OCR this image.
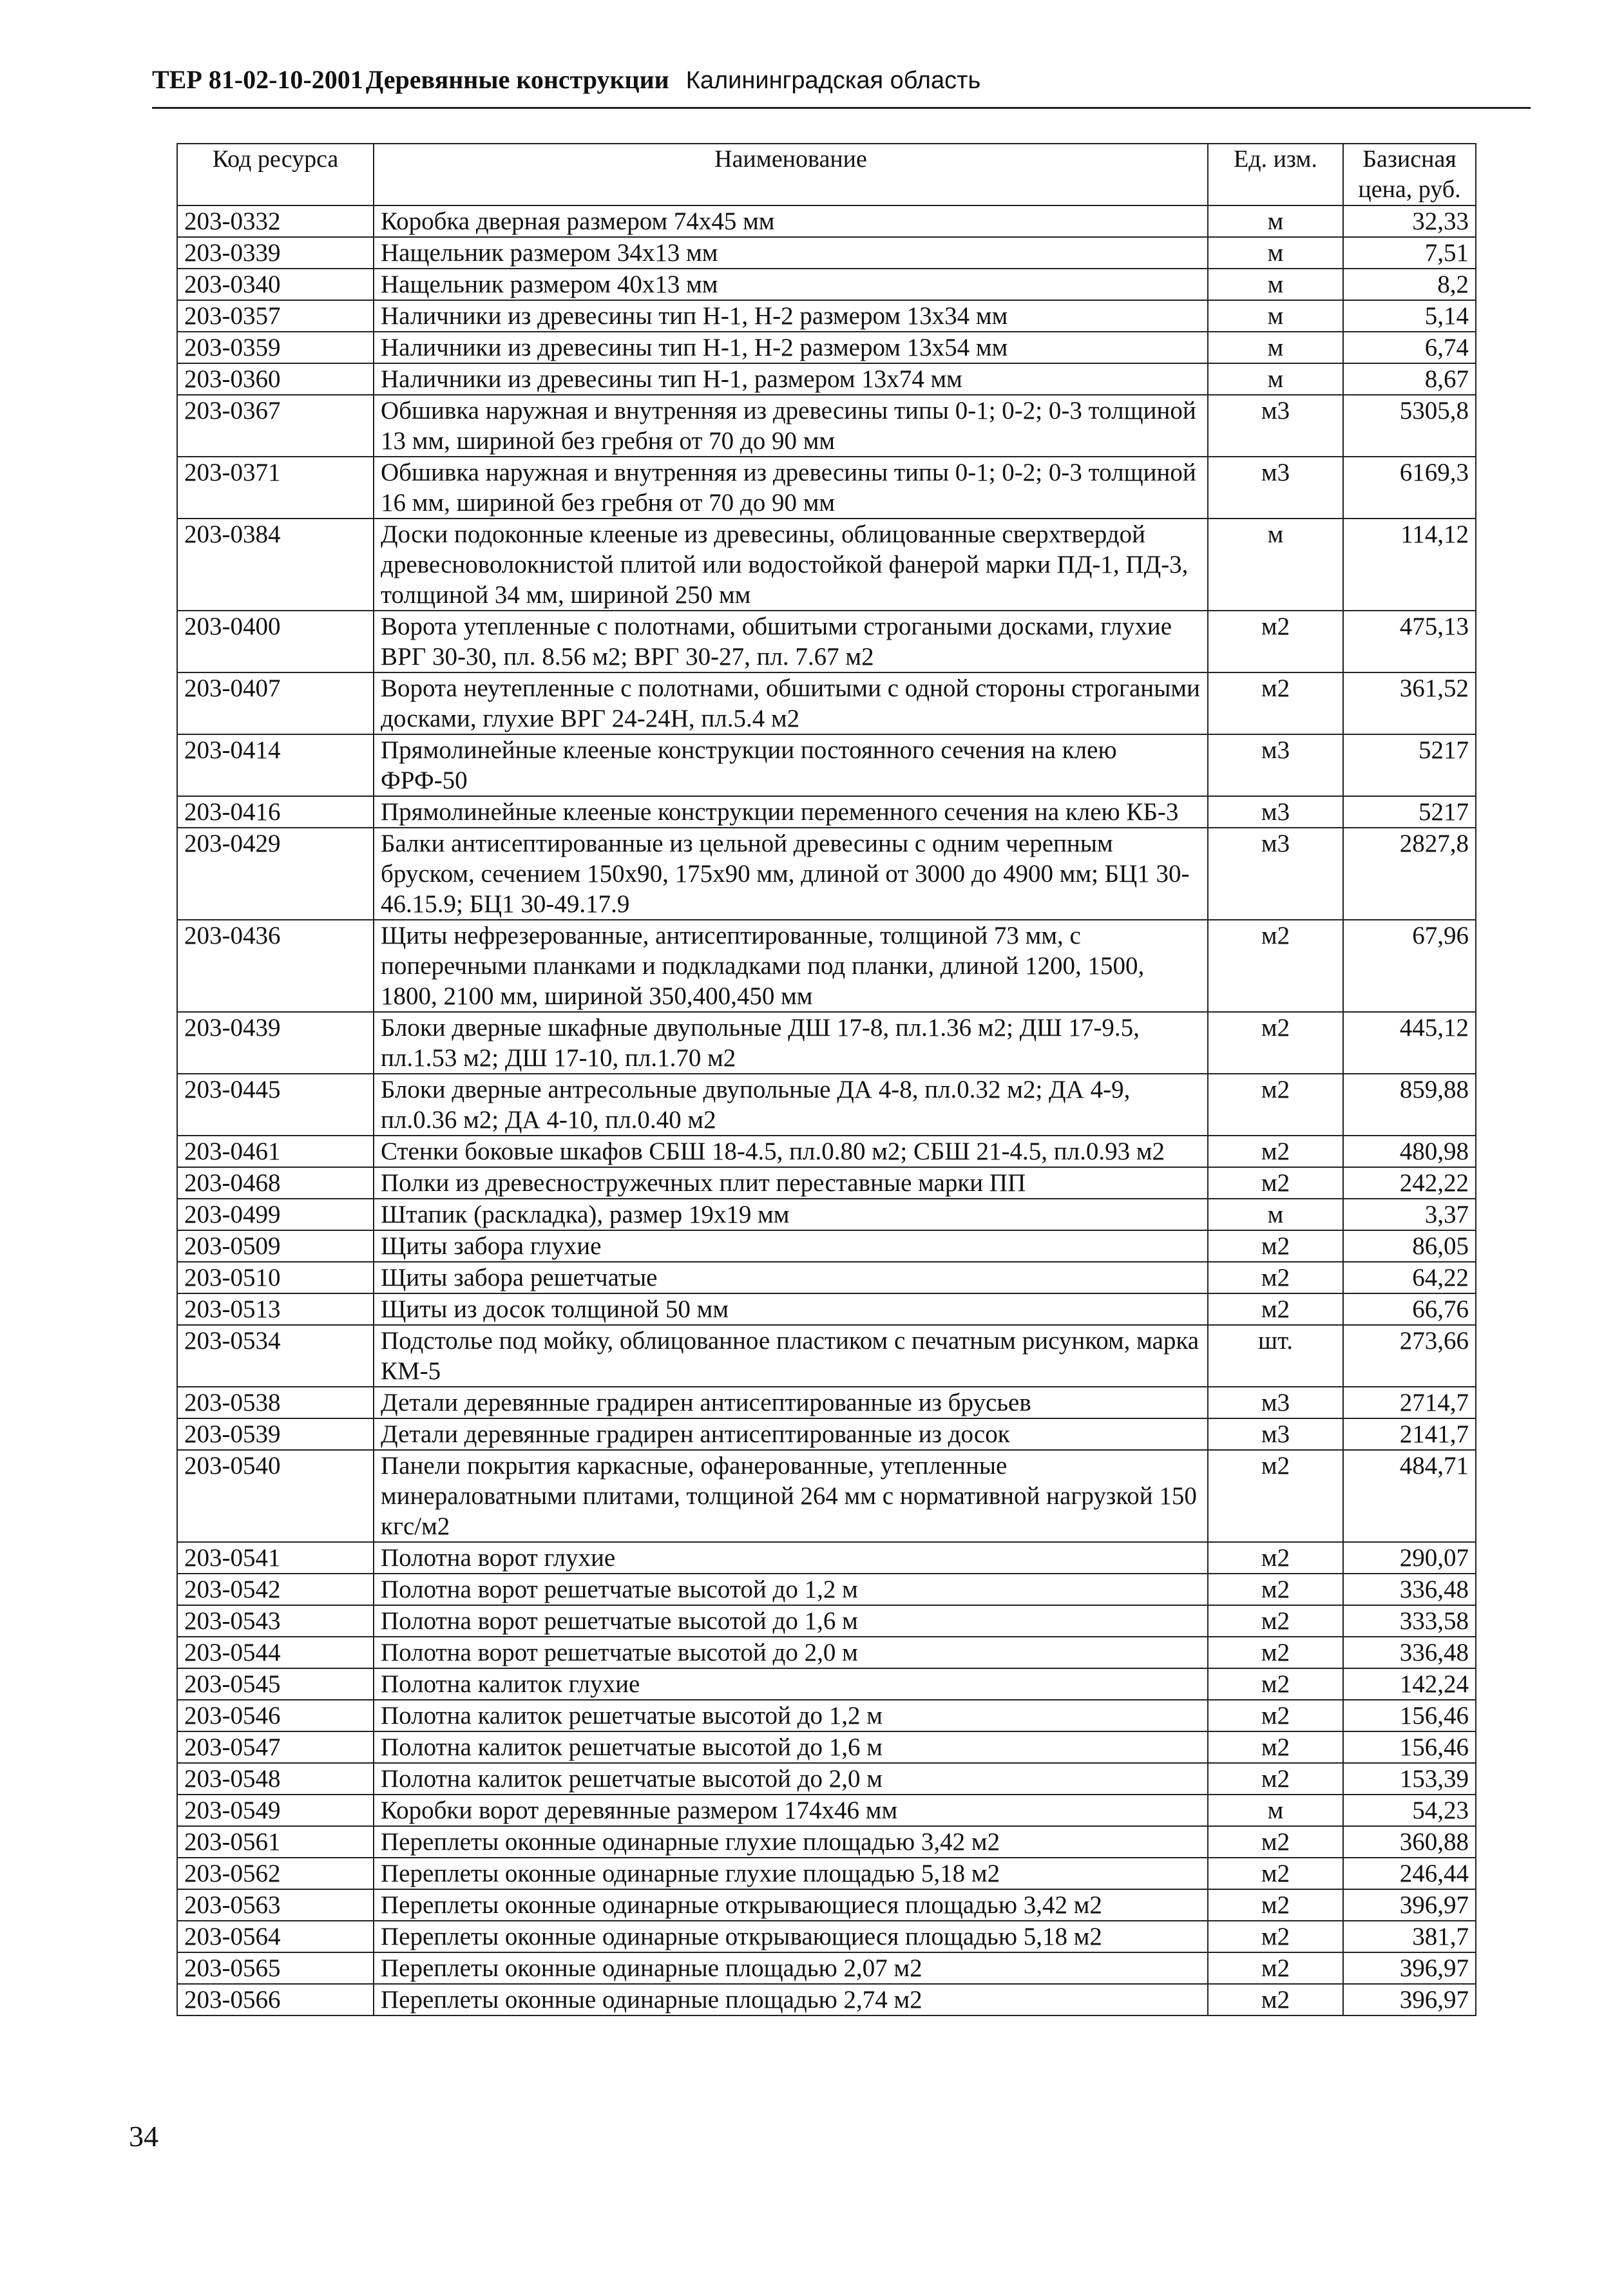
ТЕР 81-02-10-2001 Деревянные конструкции Калининградская область
Код ресурса	Наименование	Ед. изм.	Базисная цена, руб.
203-0332	Коробка дверная размером 74х45 мм	м	32,33
203-0339	Нащельник размером 34х13 мм	м	7,51
203-0340	Нащельник размером 40х13 мм	м	8,2
203-0357	Наличники из древесины тип Н-1, Н-2 размером 13х34 мм	м	5,14
203-0359	Наличники из древесины тип Н-1, Н-2 размером 13х54 мм	м	6,74
203-0360	Наличники из древесины тип Н-1, размером 13х74 мм	м	8,67
203-0367	Обшивка наружная и внутренняя из древесины типы 0-1; 0-2; 0-3 толщиной 13 мм, шириной без гребня от 70 до 90 мм	м3	5305,8
203-0371	Обшивка наружная и внутренняя из древесины типы 0-1; 0-2; 0-3 толщиной 16 мм, шириной без гребня от 70 до 90 мм	м3	6169,3
203-0384	Доски подоконные клееные из древесины, облицованные сверхтвердой древесноволокнистой плитой или водостойкой фанерой марки ПД-1, ПД-3, толщиной 34 мм, шириной 250 мм	м	114,12
203-0400	Ворота утепленные с полотнами, обшитыми строгаными досками, глухие ВРГ 30-30, пл. 8.56 м2; ВРГ 30-27, пл. 7.67 м2	м2	475,13
203-0407	Ворота неутепленные с полотнами, обшитыми с одной стороны строгаными досками, глухие ВРГ 24-24Н, пл.5.4 м2	м2	361,52
203-0414	Прямолинейные клееные конструкции постоянного сечения на клею ФРФ-50	м3	5217
203-0416	Прямолинейные клееные конструкции переменного сечения на клею КБ-3	м3	5217
203-0429	Балки антисептированные из цельной древесины с одним черепным бруском, сечением 150х90, 175х90 мм, длиной от 3000 до 4900 мм; БЦ1 30-46.15.9; БЦ1 30-49.17.9	м3	2827,8
203-0436	Щиты нефрезерованные, антисептированные, толщиной 73 мм, с поперечными планками и подкладками под планки, длиной 1200, 1500, 1800, 2100 мм, шириной 350,400,450 мм	м2	67,96
203-0439	Блоки дверные шкафные двупольные ДШ 17-8, пл.1.36 м2; ДШ 17-9.5, пл.1.53 м2; ДШ 17-10, пл.1.70 м2	м2	445,12
203-0445	Блоки дверные антресольные двупольные ДА 4-8, пл.0.32 м2; ДА 4-9, пл.0.36 м2; ДА 4-10, пл.0.40 м2	м2	859,88
203-0461	Стенки боковые шкафов СБШ 18-4.5, пл.0.80 м2; СБШ 21-4.5, пл.0.93 м2	м2	480,98
203-0468	Полки из древесностружечных плит переставные марки ПП	м2	242,22
203-0499	Штапик (раскладка), размер 19х19 мм	м	3,37
203-0509	Щиты забора глухие	м2	86,05
203-0510	Щиты забора решетчатые	м2	64,22
203-0513	Щиты из досок толщиной 50 мм	м2	66,76
203-0534	Подстолье под мойку, облицованное пластиком с печатным рисунком, марка КМ-5	шт.	273,66
203-0538	Детали деревянные градирен антисептированные из брусьев	м3	2714,7
203-0539	Детали деревянные градирен антисептированные из досок	м3	2141,7
203-0540	Панели покрытия каркасные, офанерованные, утепленные минераловатными плитами, толщиной 264 мм с нормативной нагрузкой 150 кгс/м2	м2	484,71
203-0541	Полотна ворот глухие	м2	290,07
203-0542	Полотна ворот решетчатые высотой до 1,2 м	м2	336,48
203-0543	Полотна ворот решетчатые высотой до 1,6 м	м2	333,58
203-0544	Полотна ворот решетчатые высотой до 2,0 м	м2	336,48
203-0545	Полотна калиток глухие	м2	142,24
203-0546	Полотна калиток решетчатые высотой до 1,2 м	м2	156,46
203-0547	Полотна калиток решетчатые высотой до 1,6 м	м2	156,46
203-0548	Полотна калиток решетчатые высотой до 2,0 м	м2	153,39
203-0549	Коробки ворот деревянные размером 174х46 мм	м	54,23
203-0561	Переплеты оконные одинарные глухие площадью 3,42 м2	м2	360,88
203-0562	Переплеты оконные одинарные глухие площадью 5,18 м2	м2	246,44
203-0563	Переплеты оконные одинарные открывающиеся площадью 3,42 м2	м2	396,97
203-0564	Переплеты оконные одинарные открывающиеся площадью 5,18 м2	м2	381,7
203-0565	Переплеты оконные одинарные площадью 2,07 м2	м2	396,97
203-0566	Переплеты оконные одинарные площадью 2,74 м2	м2	396,97
34
